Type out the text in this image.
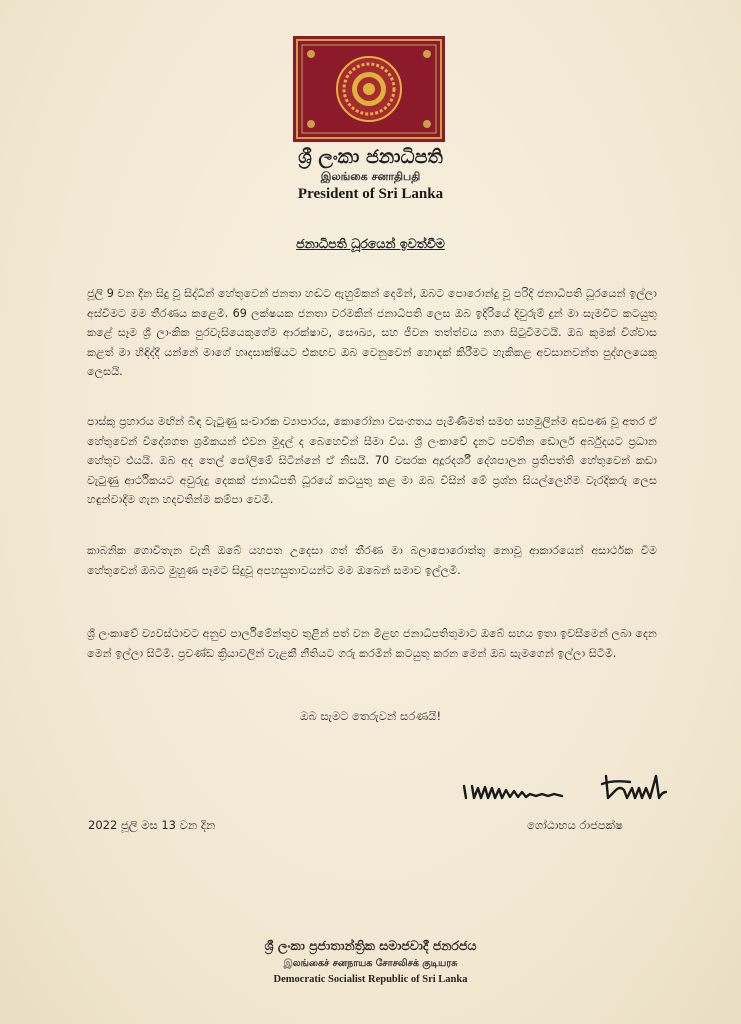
ශ්‍රී ලංකා ජනාධිපති
இலங்கை சனாதிபதி
President of Sri Lanka
ජනාධිපති ධූරයෙන් ඉවත්වීම

ජූලි 9 වන දින සිදු වූ සිද්ධීන් හේතුවෙන් ජනතා හඬට ඇහුම්කන් දෙමින්, ඔබට පොරොන්දු වූ පරිදි ජනාධිපති ධූරයෙන් ඉල්ලා අස්වීමට මම තීරණය කළෙමි. 69 ලක්ෂයක ජනතා වරමකින් ජනාධිපති ලෙස ඔබ ඉදිරියේ දිවුරුම් දුන් මා සැමවිට කටයුතු කළේ සෑම ශ්‍රී ලාංකික පුරවැසියෙකුගේම ආරක්ෂාව, සෞඛ්‍ය, සහ ජීවන තත්ත්වය නගා සිටුවීමටයි. ඔබ කුමක් විශ්වාස කළත් මා හිඳිද්දී යන්නේ මාගේ හෘදසාක්ෂියට එකඟව ඔබ වෙනුවෙන් හොඳක් කිරීමට හැකිකළ අවසානවන්ත පුද්ගලයෙකු ලෙසයි.

පාස්කු ප්‍රහාරය මඟින් බිඳ වැටුණු සංචාරක ව්‍යාපාරය, කොරෝනා වසංගතය පැමිණීමත් සමඟ සහමුලින්ම අඩපණ වූ අතර ඒ හේතුවෙන් විදේශගත ශ්‍රමිකයන් එවන මුදල් ද බෙහෙවින් සීමා විය. ශ්‍රී ලංකාවේ දැනට පවතින ඩොලර් අර්බුදයට ප්‍රධාන හේතුව එයයි. ඔබ අද තෙල් පෝලිමේ සිටින්නේ ඒ නිසයි. 70 වසරක අදූරදර්ශී දේශපාලන ප්‍රතිපත්ති හේතුවෙන් කඩා වැටුණු ආර්ථිකයට අවුරුදු දෙකක් ජනාධිපති ධූරයේ කටයුතු කළ මා ඔබ විසින් මේ ප්‍රශ්න සියල්ලෙහිම වැරදිකරු ලෙස හඳුන්වාදීම ගැන හදවතින්ම කම්පා වෙමි.

කාබනික ගොවිතැන වැනි ඔබේ යහපත උදෙසා ගත් තීරණ මා බලාපොරොත්තු නොවූ ආකාරයෙන් අසාර්ථක වීම හේතුවෙන් ඔබට මුහුණ පෑමට සිදුවූ අපහසුතාවයන්ට මම ඔබෙන් සමාව ඉල්ලමි.

ශ්‍රී ලංකාවේ ව්‍යවස්ථාවට අනුව පාර්ලිමේන්තුව තුළින් පත් වන මීළඟ ජනාධිපතිතුමාට ඔබේ සහය ඉතා ඉවසීමෙන් ලබා දෙන මෙන් ඉල්ලා සිටිමි. ප්‍රචණ්ඩ ක්‍රියාවලින් වැළකී නීතියට ගරු කරමින් කටයුතු කරන මෙන් ඔබ සැමගෙන් ඉල්ලා සිටිමි.

ඔබ සැමට තෙරුවන් සරණයි!
2022 ජූලි මස 13 වන දින	ගෝඨාභය රාජපක්ෂ
ශ්‍රී ලංකා ප්‍රජාතාන්ත්‍රික සමාජවාදී ජනරජය
இலங்கைச் சனநாயக சோசலிசக் குடியரசு
Democratic Socialist Republic of Sri Lanka
